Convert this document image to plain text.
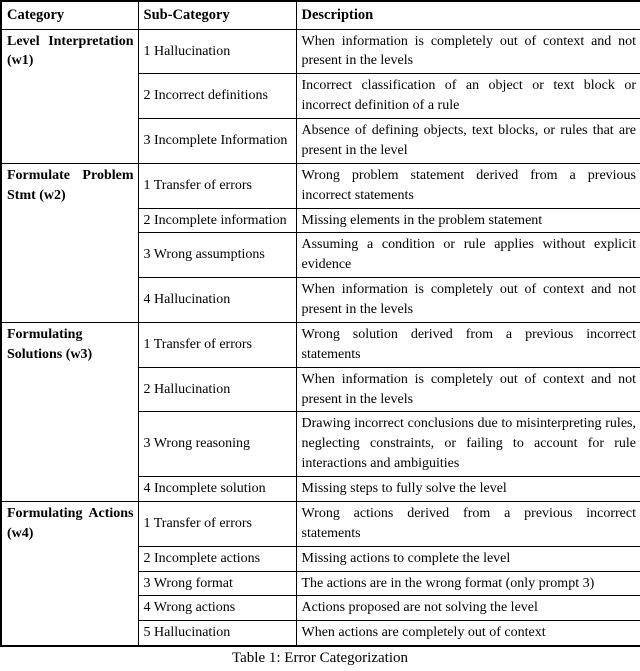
Category	Sub-Category	Description
Level Interpretation (w1)	1 Hallucination	When information is completely out of context and not present in the levels
	2 Incorrect definitions	Incorrect classification of an object or text block or incorrect definition of a rule
	3 Incomplete Information	Absence of defining objects, text blocks, or rules that are present in the level
Formulate Problem Stmt (w2)	1 Transfer of errors	Wrong problem statement derived from a previous incorrect statements
	2 Incomplete information	Missing elements in the problem statement
	3 Wrong assumptions	Assuming a condition or rule applies without explicit evidence
	4 Hallucination	When information is completely out of context and not present in the levels
Formulating Solutions (w3)	1 Transfer of errors	Wrong solution derived from a previous incorrect statements
	2 Hallucination	When information is completely out of context and not present in the levels
	3 Wrong reasoning	Drawing incorrect conclusions due to misinterpreting rules, neglecting constraints, or failing to account for rule interactions and ambiguities
	4 Incomplete solution	Missing steps to fully solve the level
Formulating Actions (w4)	1 Transfer of errors	Wrong actions derived from a previous incorrect statements
	2 Incomplete actions	Missing actions to complete the level
	3 Wrong format	The actions are in the wrong format (only prompt 3)
	4 Wrong actions	Actions proposed are not solving the level
	5 Hallucination	When actions are completely out of context
Table 1: Error Categorization
